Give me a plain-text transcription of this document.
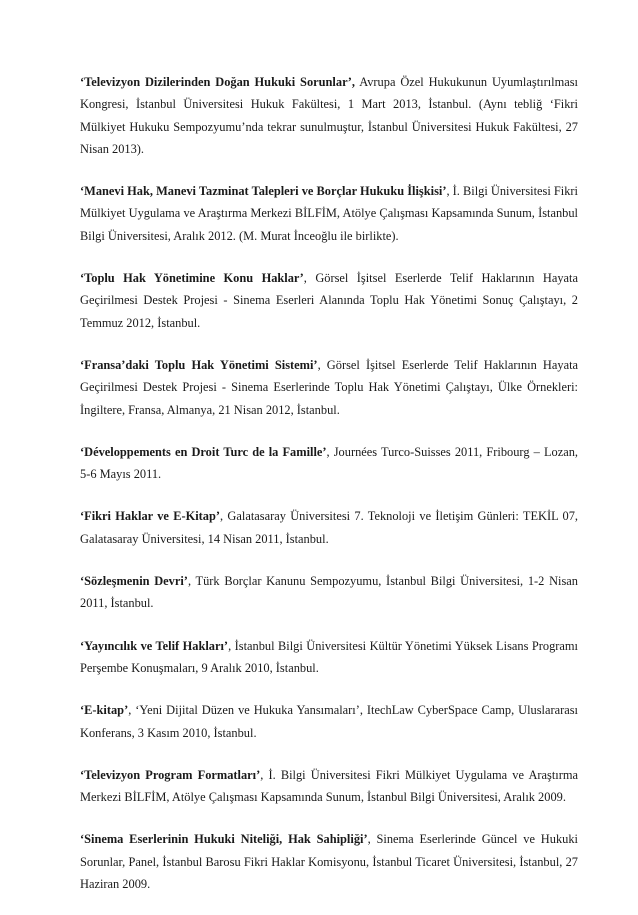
‘Televizyon Dizilerinden Doğan Hukuki Sorunlar’, Avrupa Özel Hukukunun Uyumlaştırılması Kongresi, İstanbul Üniversitesi Hukuk Fakültesi, 1 Mart 2013, İstanbul. (Aynı tebliğ ‘Fikri Mülkiyet Hukuku Sempozyumu’nda tekrar sunulmuştur, İstanbul Üniversitesi Hukuk Fakültesi, 27 Nisan 2013).

‘Manevi Hak, Manevi Tazminat Talepleri ve Borçlar Hukuku İlişkisi’, İ. Bilgi Üniversitesi Fikri Mülkiyet Uygulama ve Araştırma Merkezi BİLFİM, Atölye Çalışması Kapsamında Sunum, İstanbul Bilgi Üniversitesi, Aralık 2012. (M. Murat İnceoğlu ile birlikte).

‘Toplu Hak Yönetimine Konu Haklar’, Görsel İşitsel Eserlerde Telif Haklarının Hayata Geçirilmesi Destek Projesi - Sinema Eserleri Alanında Toplu Hak Yönetimi Sonuç Çalıştayı, 2 Temmuz 2012, İstanbul.

‘Fransa’daki Toplu Hak Yönetimi Sistemi’, Görsel İşitsel Eserlerde Telif Haklarının Hayata Geçirilmesi Destek Projesi - Sinema Eserlerinde Toplu Hak Yönetimi Çalıştayı, Ülke Örnekleri: İngiltere, Fransa, Almanya, 21 Nisan 2012, İstanbul.

‘Développements en Droit Turc de la Famille’, Journées Turco-Suisses 2011, Fribourg – Lozan, 5-6 Mayıs 2011.

‘Fikri Haklar ve E-Kitap’, Galatasaray Üniversitesi 7. Teknoloji ve İletişim Günleri: TEKİL 07, Galatasaray Üniversitesi, 14 Nisan 2011, İstanbul.

‘Sözleşmenin Devri’, Türk Borçlar Kanunu Sempozyumu, İstanbul Bilgi Üniversitesi, 1-2 Nisan 2011, İstanbul.

‘Yayıncılık ve Telif Hakları’, İstanbul Bilgi Üniversitesi Kültür Yönetimi Yüksek Lisans Programı Perşembe Konuşmaları, 9 Aralık 2010, İstanbul.

‘E-kitap’, ‘Yeni Dijital Düzen ve Hukuka Yansımaları’, ItechLaw CyberSpace Camp, Uluslararası Konferans, 3 Kasım 2010, İstanbul.

‘Televizyon Program Formatları’, İ. Bilgi Üniversitesi Fikri Mülkiyet Uygulama ve Araştırma Merkezi BİLFİM, Atölye Çalışması Kapsamında Sunum, İstanbul Bilgi Üniversitesi, Aralık 2009.

‘Sinema Eserlerinin Hukuki Niteliği, Hak Sahipliği’, Sinema Eserlerinde Güncel ve Hukuki Sorunlar, Panel, İstanbul Barosu Fikri Haklar Komisyonu, İstanbul Ticaret Üniversitesi, İstanbul, 27 Haziran 2009.
